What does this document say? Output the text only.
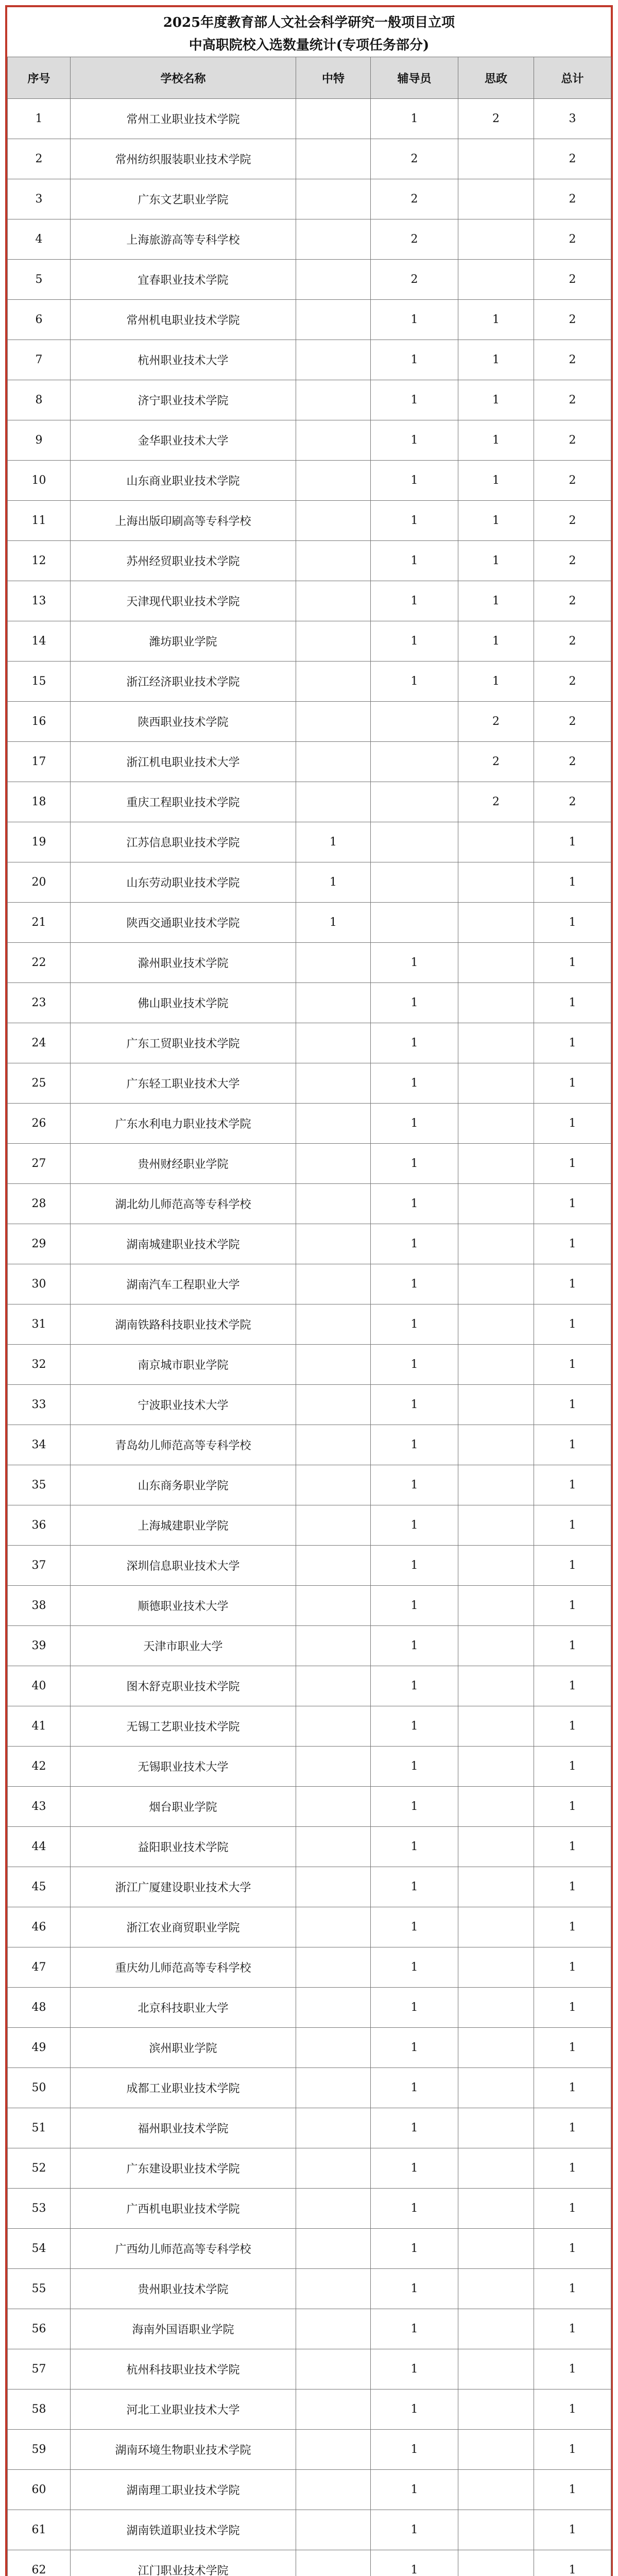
2025年度教育部人文社会科学研究一般项目立项
中高职院校入选数量统计(专项任务部分)
序号	学校名称	中特	辅导员	思政	总计
1	常州工业职业技术学院		1	2	3
2	常州纺织服装职业技术学院		2		2
3	广东文艺职业学院		2		2
4	上海旅游高等专科学校		2		2
5	宜春职业技术学院		2		2
6	常州机电职业技术学院		1	1	2
7	杭州职业技术大学		1	1	2
8	济宁职业技术学院		1	1	2
9	金华职业技术大学		1	1	2
10	山东商业职业技术学院		1	1	2
11	上海出版印刷高等专科学校		1	1	2
12	苏州经贸职业技术学院		1	1	2
13	天津现代职业技术学院		1	1	2
14	潍坊职业学院		1	1	2
15	浙江经济职业技术学院		1	1	2
16	陕西职业技术学院			2	2
17	浙江机电职业技术大学			2	2
18	重庆工程职业技术学院			2	2
19	江苏信息职业技术学院	1			1
20	山东劳动职业技术学院	1			1
21	陕西交通职业技术学院	1			1
22	滁州职业技术学院		1		1
23	佛山职业技术学院		1		1
24	广东工贸职业技术学院		1		1
25	广东轻工职业技术大学		1		1
26	广东水利电力职业技术学院		1		1
27	贵州财经职业学院		1		1
28	湖北幼儿师范高等专科学校		1		1
29	湖南城建职业技术学院		1		1
30	湖南汽车工程职业大学		1		1
31	湖南铁路科技职业技术学院		1		1
32	南京城市职业学院		1		1
33	宁波职业技术大学		1		1
34	青岛幼儿师范高等专科学校		1		1
35	山东商务职业学院		1		1
36	上海城建职业学院		1		1
37	深圳信息职业技术大学		1		1
38	顺德职业技术大学		1		1
39	天津市职业大学		1		1
40	图木舒克职业技术学院		1		1
41	无锡工艺职业技术学院		1		1
42	无锡职业技术大学		1		1
43	烟台职业学院		1		1
44	益阳职业技术学院		1		1
45	浙江广厦建设职业技术大学		1		1
46	浙江农业商贸职业学院		1		1
47	重庆幼儿师范高等专科学校		1		1
48	北京科技职业大学		1		1
49	滨州职业学院		1		1
50	成都工业职业技术学院		1		1
51	福州职业技术学院		1		1
52	广东建设职业技术学院		1		1
53	广西机电职业技术学院		1		1
54	广西幼儿师范高等专科学校		1		1
55	贵州职业技术学院		1		1
56	海南外国语职业学院		1		1
57	杭州科技职业技术学院		1		1
58	河北工业职业技术大学		1		1
59	湖南环境生物职业技术学院		1		1
60	湖南理工职业技术学院		1		1
61	湖南铁道职业技术学院		1		1
62	江门职业技术学院		1		1
